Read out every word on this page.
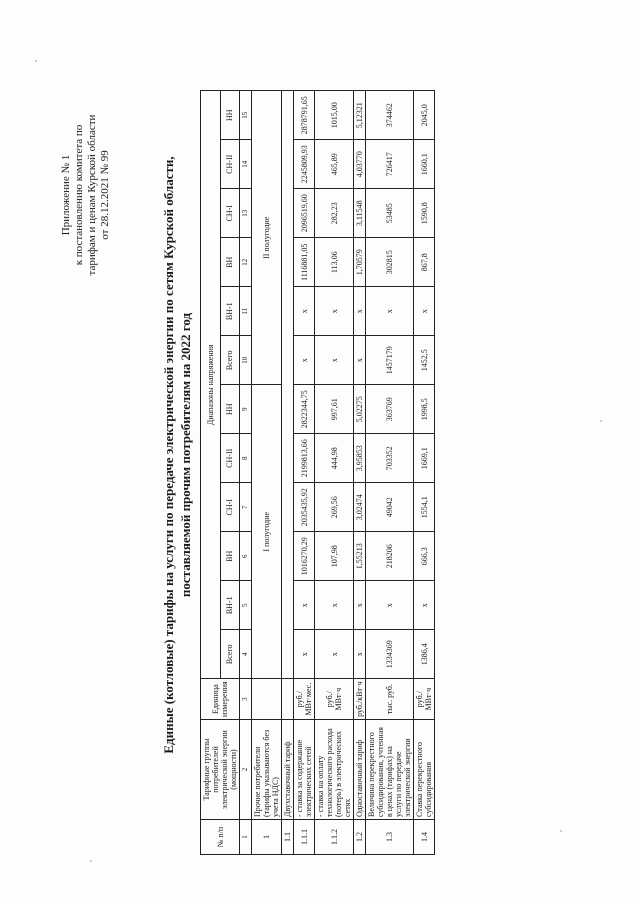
Приложение № 1 к постановлению комитета по тарифам и ценам Курской области от 28.12.2021 № 99	Единые (котловые) тарифы на услуги по передаче электрической энергии по сетям Курской области, поставляемой прочим потребителям на 2022 год
№ п/п	Тарифные группы потребителей электрической энергии (мощности)	Единица измерения	Диапазоны напряжения											
			Всего	ВН-1	ВН	СН-I	СН-II	НН	Всего	ВН-1	ВН	СН-I	СН-II	НН
1	2	3	4	5	6	7	8	9	10	11	12	13	14	15
1	Прочие потребители (тарифы указываются без учета НДС)		I полугодие						II полугодие					
1.1	Двухставочный тариф													
1.1.1	- ставка за содержание электрических сетей	руб./МВт·мес.	x	x	1016270,29	2035435,92	2199813,66	2822344,75	x	x	1116881,05	2096519,60	2245809,93	2878791,65
1.1.2	- ставка на оплату технологического расхода (потерь) в электрических сетях	руб./МВт·ч	x	x	107,98	269,56	444,98	997,61	x	x	113,06	282,23	465,89	1015,00
1.2	Одноставочный тариф	руб./кВт·ч	x	x	1,55213	3,02474	3,95853	5,02275	x	x	1,70579	3,11548	4,03770	5,12321
1.3	Величина перекрестного субсидирования, учтенная в ценах (тарифах) на услуги по передаче электрической энергии	тыс. руб.	1334369	x	218206	49042	703352	363769	1457179	x	302815	53485	726417	374462
1.4	Ставка перекрестного субсидирования	руб./МВт·ч	1386,4	x	666,3	1554,1	1669,1	1998,5	1452,5	x	867,8	1590,8	1660,1	2045,0
